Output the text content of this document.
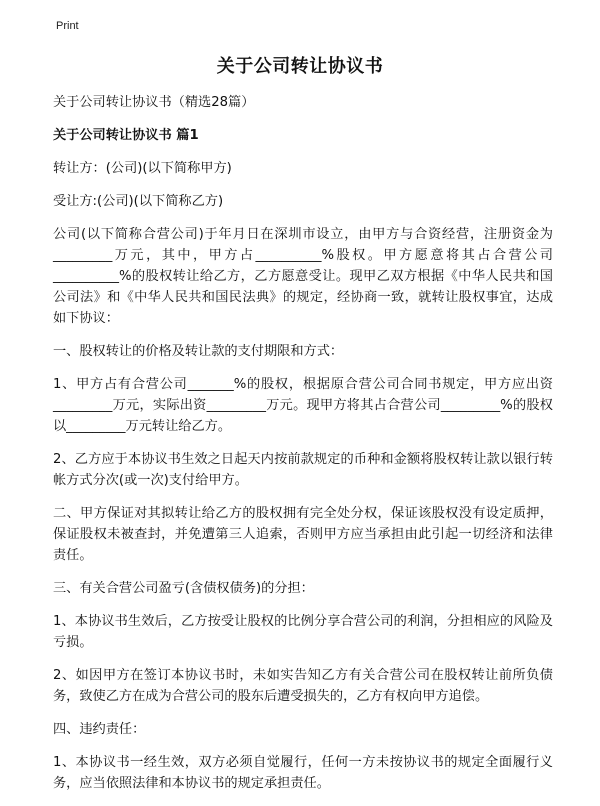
Print
关于公司转让协议书

关于公司转让协议书（精选28篇）

关于公司转让协议书 篇1

转让方：(公司)(以下简称甲方)

受让方:(公司)(以下简称乙方)

公司(以下简称合营公司)于年月日在深圳市设立，由甲方与合资经营，注册资金为_________万元，其中，甲方占__________%股权。甲方愿意将其占合营公司__________%的股权转让给乙方，乙方愿意受让。现甲乙双方根据《中华人民共和国公司法》和《中华人民共和国民法典》的规定，经协商一致，就转让股权事宜，达成如下协议：

一、股权转让的价格及转让款的支付期限和方式：

1、甲方占有合营公司_______%的股权，根据原合营公司合同书规定，甲方应出资_________万元，实际出资_________万元。现甲方将其占合营公司_________%的股权以_________万元转让给乙方。

2、乙方应于本协议书生效之日起天内按前款规定的币种和金额将股权转让款以银行转帐方式分次(或一次)支付给甲方。

二、甲方保证对其拟转让给乙方的股权拥有完全处分权，保证该股权没有设定质押，保证股权未被查封，并免遭第三人追索，否则甲方应当承担由此引起一切经济和法律责任。

三、有关合营公司盈亏(含债权债务)的分担：

1、本协议书生效后，乙方按受让股权的比例分享合营公司的利润，分担相应的风险及亏损。

2、如因甲方在签订本协议书时，未如实告知乙方有关合营公司在股权转让前所负债务，致使乙方在成为合营公司的股东后遭受损失的，乙方有权向甲方追偿。

四、违约责任：

1、本协议书一经生效，双方必须自觉履行，任何一方未按协议书的规定全面履行义务，应当依照法律和本协议书的规定承担责任。
